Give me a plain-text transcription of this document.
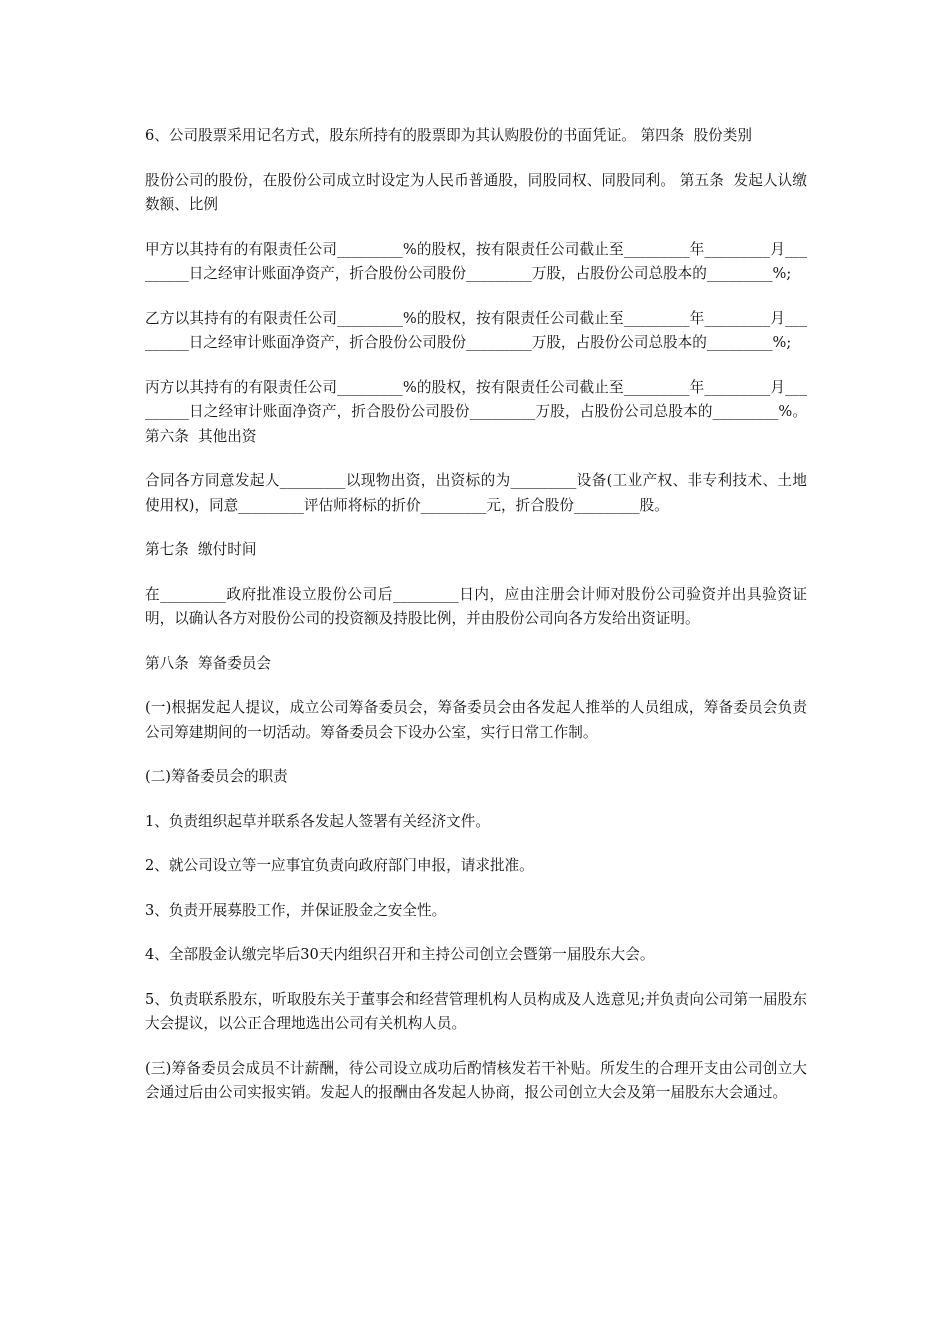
6、公司股票采用记名方式，股东所持有的股票即为其认购股份的书面凭证。 第四条  股份类别

股份公司的股份，在股份公司成立时设定为人民币普通股，同股同权、同股同利。 第五条  发起人认缴数额、比例

甲方以其持有的有限责任公司_________%的股权，按有限责任公司截止至_________年_________月_________日之经审计账面净资产，折合股份公司股份_________万股，占股份公司总股本的_________%;

乙方以其持有的有限责任公司_________%的股权，按有限责任公司截止至_________年_________月_________日之经审计账面净资产，折合股份公司股份_________万股，占股份公司总股本的_________%;

丙方以其持有的有限责任公司_________%的股权，按有限责任公司截止至_________年_________月_________日之经审计账面净资产，折合股份公司股份_________万股，占股份公司总股本的_________%。 第六条  其他出资

合同各方同意发起人_________以现物出资，出资标的为_________设备(工业产权、非专利技术、土地使用权)，同意_________评估师将标的折价_________元，折合股份_________股。

第七条  缴付时间

在_________政府批准设立股份公司后_________日内，应由注册会计师对股份公司验资并出具验资证明，以确认各方对股份公司的投资额及持股比例，并由股份公司向各方发给出资证明。

第八条  筹备委员会

(一)根据发起人提议，成立公司筹备委员会，筹备委员会由各发起人推举的人员组成，筹备委员会负责公司筹建期间的一切活动。筹备委员会下设办公室，实行日常工作制。

(二)筹备委员会的职责

1、负责组织起草并联系各发起人签署有关经济文件。

2、就公司设立等一应事宜负责向政府部门申报，请求批准。

3、负责开展募股工作，并保证股金之安全性。

4、全部股金认缴完毕后30天内组织召开和主持公司创立会暨第一届股东大会。

5、负责联系股东，听取股东关于董事会和经营管理机构人员构成及人选意见;并负责向公司第一届股东大会提议，以公正合理地选出公司有关机构人员。

(三)筹备委员会成员不计薪酬，待公司设立成功后酌情核发若干补贴。所发生的合理开支由公司创立大会通过后由公司实报实销。发起人的报酬由各发起人协商，报公司创立大会及第一届股东大会通过。
